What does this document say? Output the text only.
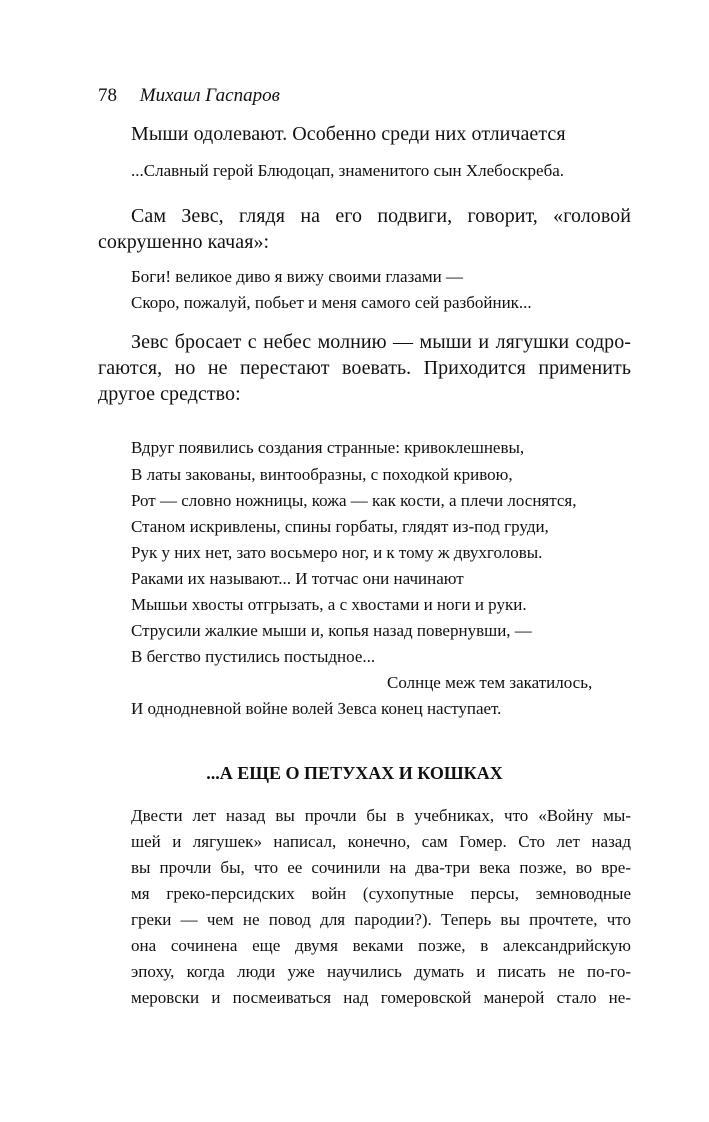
78 Михаил Гаспаров
Мыши одолевают. Особенно среди них отличается
...Славный герой Блюдоцап, знаменитого сын Хлебоскреба.
Сам Зевс, глядя на его подвиги, говорит, «головой
сокрушенно качая»:
Боги! великое диво я вижу своими глазами —
Скоро, пожалуй, побьет и меня самого сей разбойник...
Зевс бросает с небес молнию — мыши и лягушки содро-
гаются, но не перестают воевать. Приходится применить
другое средство:
Вдруг появились создания странные: кривоклешневы,
В латы закованы, винтообразны, с походкой кривою,
Рот — словно ножницы, кожа — как кости, а плечи лоснятся,
Станом искривлены, спины горбаты, глядят из-под груди,
Рук у них нет, зато восьмеро ног, и к тому ж двухголовы.
Раками их называют... И тотчас они начинают
Мышьи хвосты отгрызать, а с хвостами и ноги и руки.
Струсили жалкие мыши и, копья назад повернувши, —
В бегство пустились постыдное...
Солнце меж тем закатилось,
И однодневной войне волей Зевса конец наступает.
...А ЕЩЕ О ПЕТУХАХ И КОШКАХ
Двести лет назад вы прочли бы в учебниках, что «Войну мы-
шей и лягушек» написал, конечно, сам Гомер. Сто лет назад
вы прочли бы, что ее сочинили на два-три века позже, во вре-
мя греко-персидских войн (сухопутные персы, земноводные
греки — чем не повод для пародии?). Теперь вы прочтете, что
она сочинена еще двумя веками позже, в александрийскую
эпоху, когда люди уже научились думать и писать не по-го-
меровски и посмеиваться над гомеровской манерой стало не-
